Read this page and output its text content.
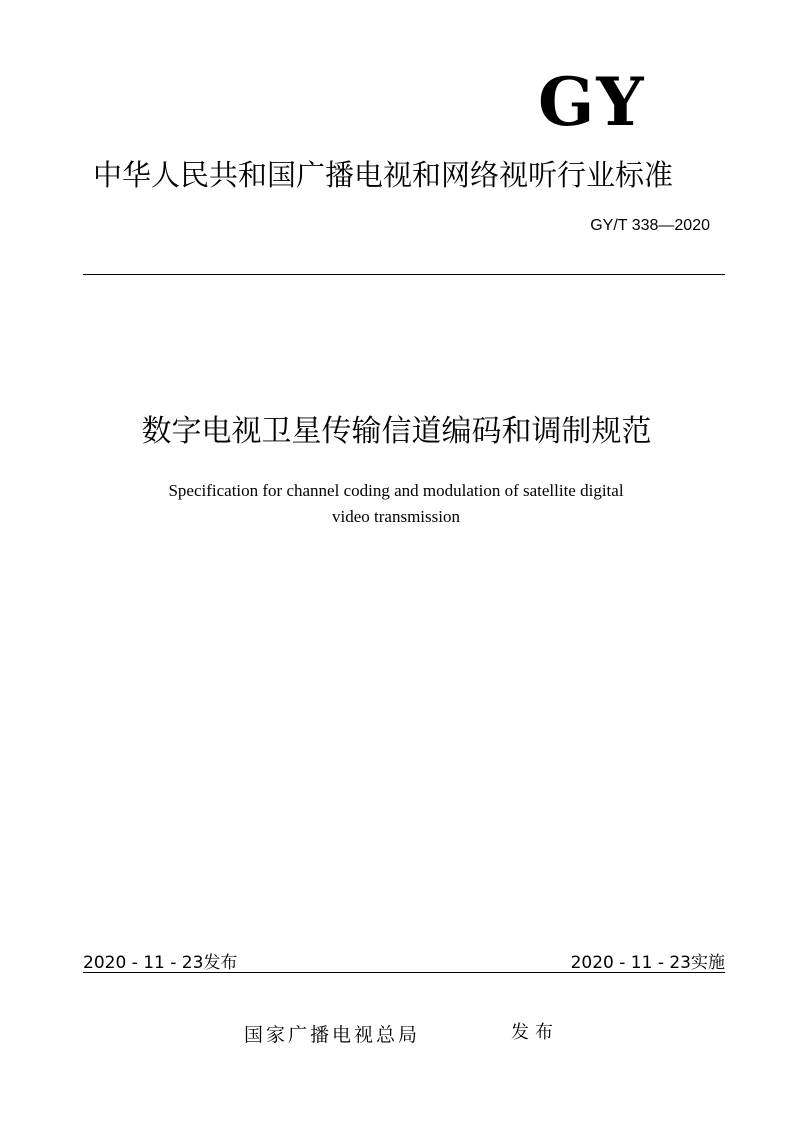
GY
中华人民共和国广播电视和网络视听行业标准
GY/T 338—2020
数字电视卫星传输信道编码和调制规范
Specification for channel coding and modulation of satellite digital
video transmission
2020 - 11 - 23发布	2020 - 11 - 23实施
国家广播电视总局	发布
